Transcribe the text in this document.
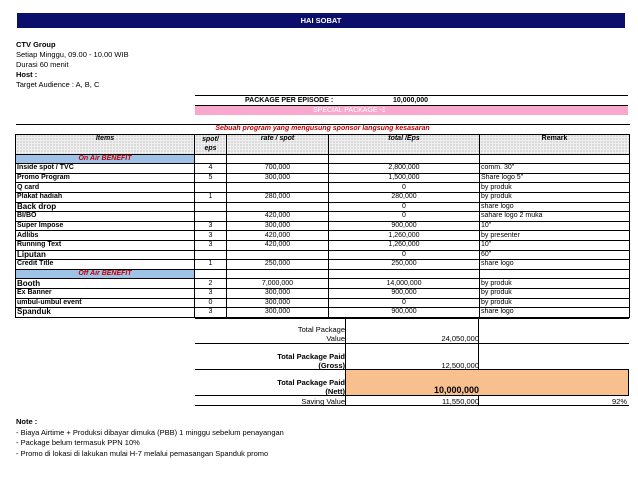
HAI SOBAT
CTV Group
Setiap Minggu, 09.00 - 10.00 WIB
Durasi 60 menit
Host :
Target Audience : A, B, C
PACKAGE PER EPISODE :	10,000,000
SPECIAL PACKAGE -1
Sebuah program yang mengusung sponsor langsung kesasaran				
Items	spot/
eps	rate / spot	total /Eps	Remark
On Air BENEFIT				
Inside spot / TVC	4	700,000	2,800,000	comm. 30"
Promo Program	5	300,000	1,500,000	Share logo 5"
Q card			0	by produk
Plakat hadiah	1	280,000	280,000	by produk
Back drop			0	share logo
BI/BO		420,000	0	sahare logo 2 muka
Super Impose	3	300,000	900,000	10"
Adlibs	3	420,000	1,260,000	by presenter
Running Text	3	420,000	1,260,000	10"
Liputan			0	60"
Credit Title	1	250,000	250,000	share logo
Off Air BENEFIT				
Booth	2	7,000,000	14,000,000	by produk
Ex Banner	3	300,000	900,000	by produk
umbul-umbul event	0	300,000	0	by produk
Spanduk	3	300,000	900,000	share logo
Total Package
Value	24,050,000
Total Package Paid
(Gross)	12,500,000
Total Package Paid
(Nett)	10,000,000
Saving Value	11,550,000	92%
Note :
- Biaya Airtime + Produksi dibayar dimuka (PBB) 1 minggu sebelum penayangan
- Package belum termasuk PPN 10%
- Promo di lokasi di lakukan mulai H-7 melalui pemasangan Spanduk promo
